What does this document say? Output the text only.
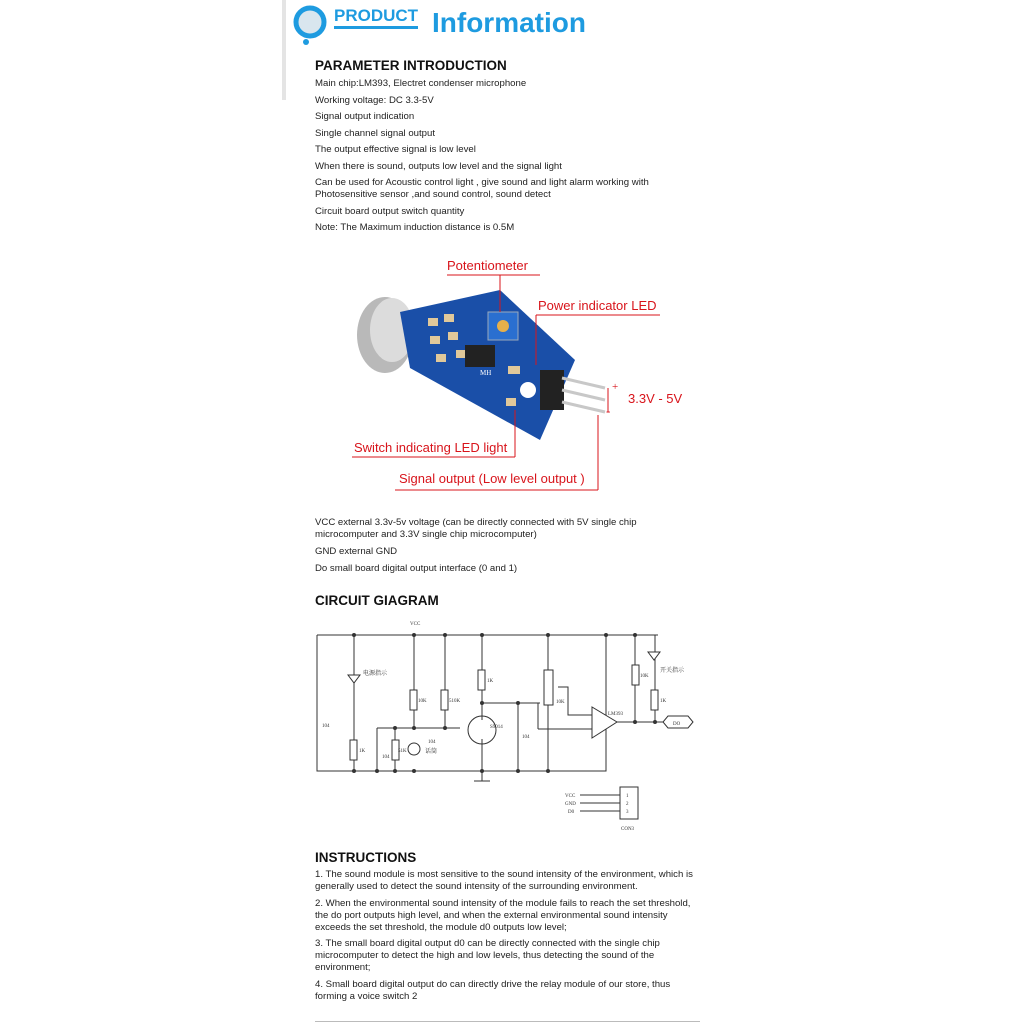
PRODUCT Information
PARAMETER INTRODUCTION
Main chip:LM393, Electret condenser microphone
Working voltage: DC 3.3-5V
Signal output indication
Single channel signal output
The output effective signal is low level
When there is sound, outputs low level and the signal light
Can be used for Acoustic control light , give sound and light alarm working with Photosensitive sensor ,and sound control, sound detect
Circuit board output switch quantity
Note: The Maximum induction distance is 0.5M
MH
+
-
Potentiometer
Power indicator LED
3.3V - 5V
Switch indicating LED light
Signal output (Low level output )
VCC external 3.3v-5v voltage (can be directly connected with 5V single chip microcomputer and 3.3V single chip microcomputer)
GND external GND
Do small board digital output interface (0 and 1)
CIRCUIT GIAGRAM
VCC
电源指示	开关指示
话筒
LM393
S9014
DO
1K
10K	510K	10K
10K
1K
1K	51K
104
104
104
104
CON3
VCC
GND
D0
1
2
3
INSTRUCTIONS
1. The sound module is most sensitive to the sound intensity of the environment, which is generally used to detect the sound intensity of the surrounding environment.
2. When the environmental sound intensity of the module fails to reach the set threshold, the do port outputs high level, and when the external environmental sound intensity exceeds the set threshold, the module d0 outputs low level;
3. The small board digital output d0 can be directly connected with the single chip microcomputer to detect the high and low levels, thus detecting the sound of the environment;
4. Small board digital output do can directly drive the relay module of our store, thus forming a voice switch 2
